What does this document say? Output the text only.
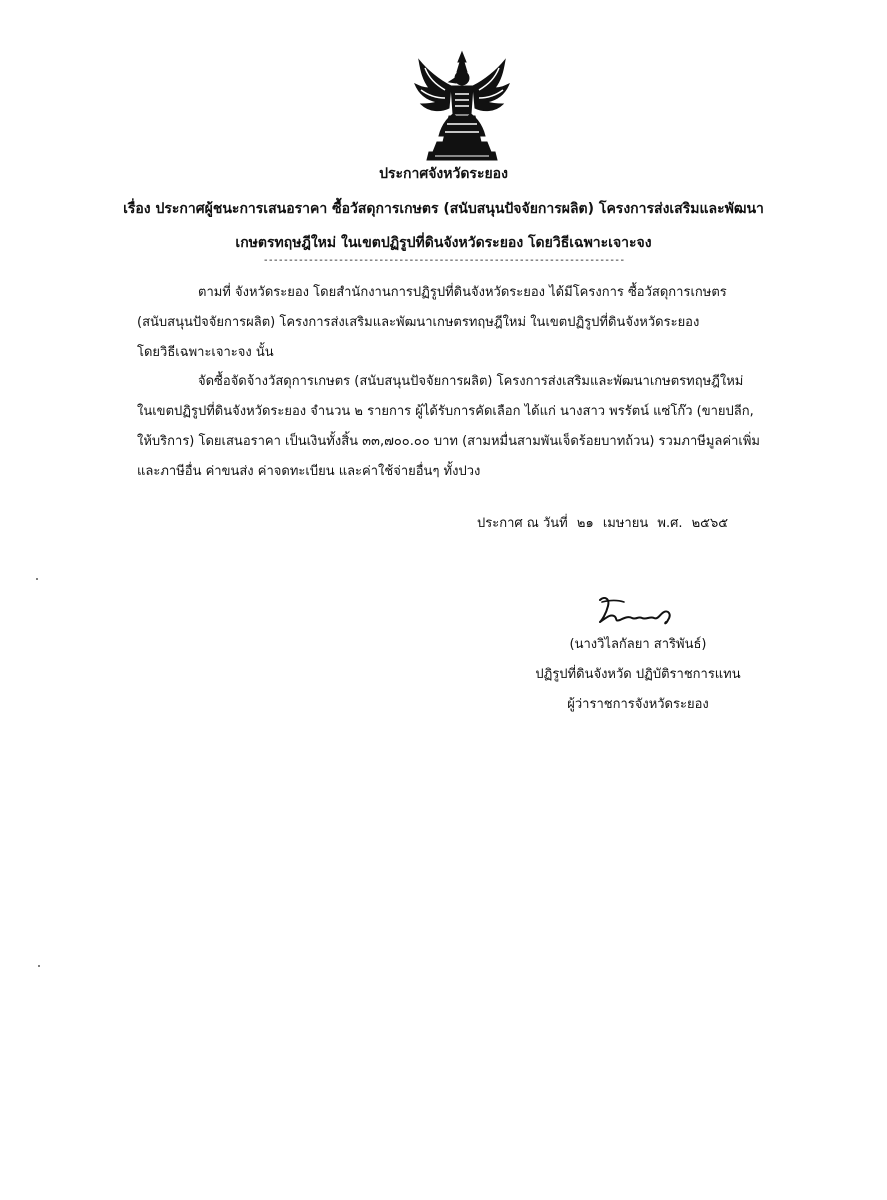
ประกาศจังหวัดระยอง
เรื่อง ประกาศผู้ชนะการเสนอราคา ซื้อวัสดุการเกษตร (สนับสนุนปัจจัยการผลิต) โครงการส่งเสริมและพัฒนา
เกษตรทฤษฎีใหม่ ในเขตปฏิรูปที่ดินจังหวัดระยอง โดยวิธีเฉพาะเจาะจง
------------------------------------------------------------------------
ตามที่ จังหวัดระยอง โดยสำนักงานการปฏิรูปที่ดินจังหวัดระยอง ได้มีโครงการ ซื้อวัสดุการเกษตร
(สนับสนุนปัจจัยการผลิต) โครงการส่งเสริมและพัฒนาเกษตรทฤษฎีใหม่ ในเขตปฏิรูปที่ดินจังหวัดระยอง
โดยวิธีเฉพาะเจาะจง นั้น
จัดซื้อจัดจ้างวัสดุการเกษตร (สนับสนุนปัจจัยการผลิต) โครงการส่งเสริมและพัฒนาเกษตรทฤษฎีใหม่
ในเขตปฏิรูปที่ดินจังหวัดระยอง จำนวน ๒ รายการ ผู้ได้รับการคัดเลือก ได้แก่ นางสาว พรรัตน์ แซ่โก๊ว (ขายปลีก,
ให้บริการ) โดยเสนอราคา เป็นเงินทั้งสิ้น ๓๓,๗๐๐.๐๐ บาท (สามหมื่นสามพันเจ็ดร้อยบาทถ้วน) รวมภาษีมูลค่าเพิ่ม
และภาษีอื่น ค่าขนส่ง ค่าจดทะเบียน และค่าใช้จ่ายอื่นๆ ทั้งปวง
ประกาศ ณ วันที่ ๒๑ เมษายน พ.ศ. ๒๕๖๕
(นางวิไลกัลยา สาริพันธ์)
ปฏิรูปที่ดินจังหวัด ปฏิบัติราชการแทน
ผู้ว่าราชการจังหวัดระยอง
